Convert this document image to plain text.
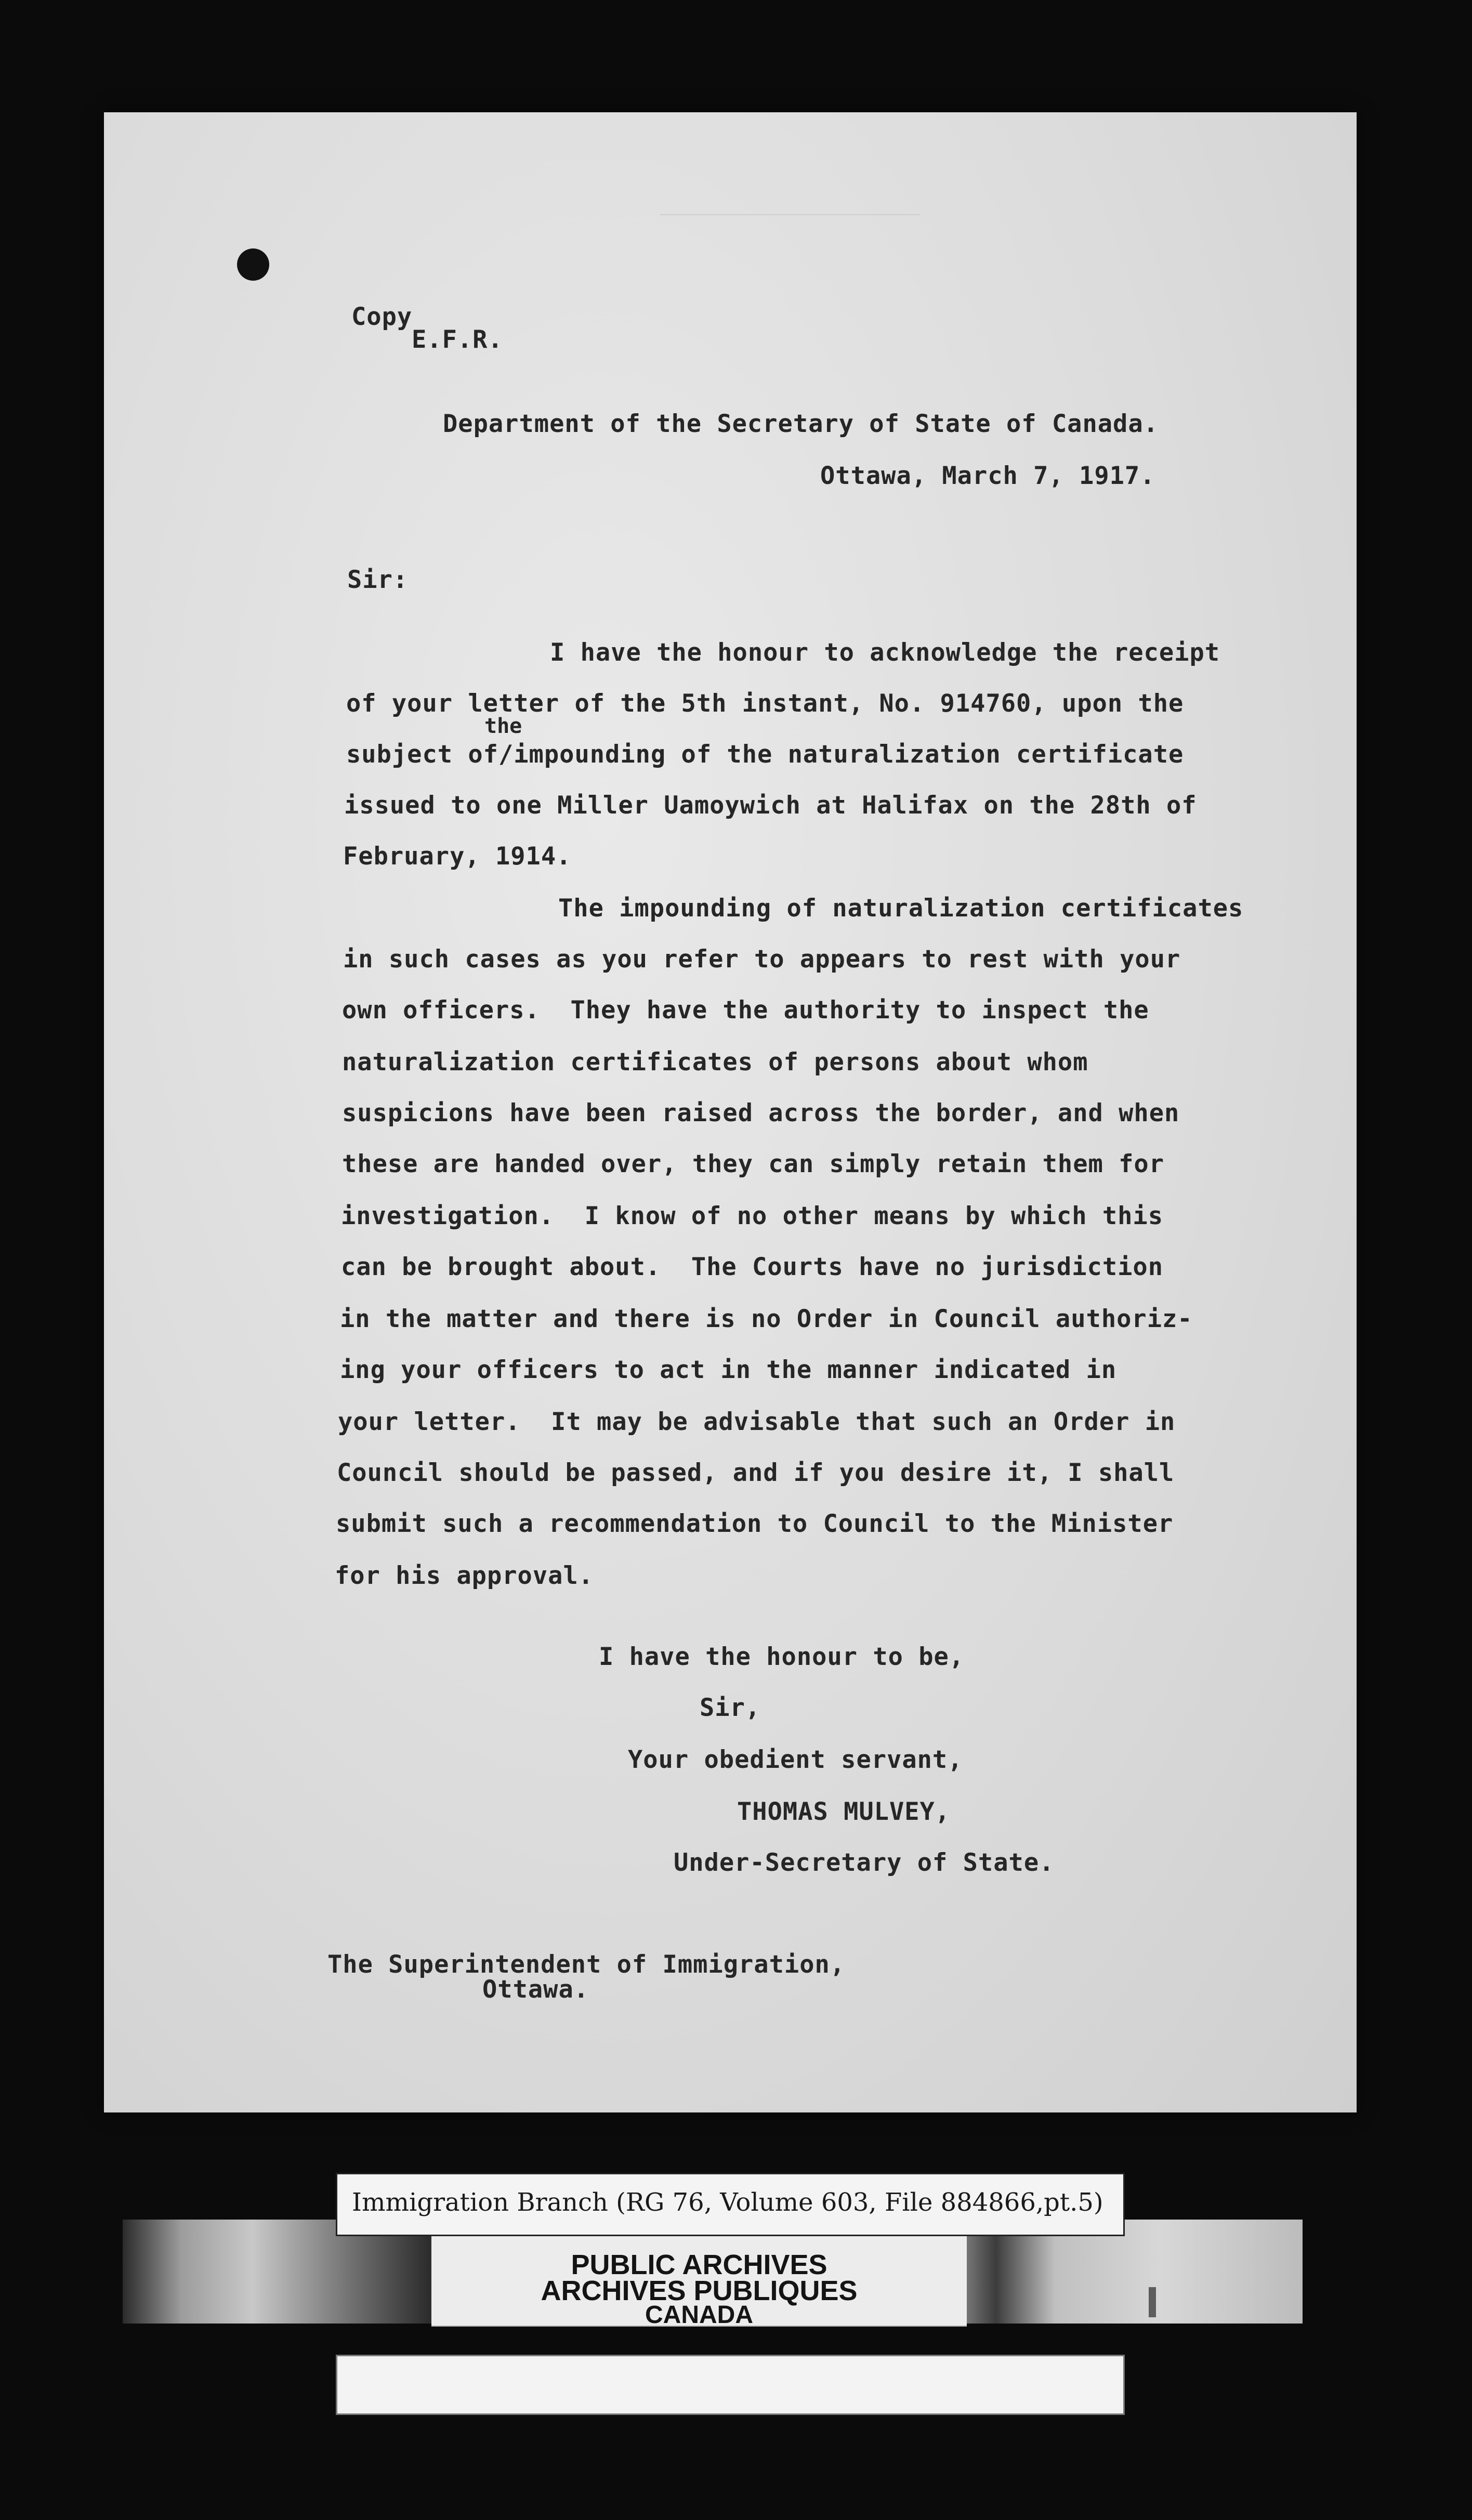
Copy
E.F.R.
Department of the Secretary of State of Canada.
Ottawa, March 7, 1917.
Sir:
I have the honour to acknowledge the receipt
of your letter of the 5th instant, No. 914760, upon the
the
subject of/impounding of the naturalization certificate
issued to one Miller Uamoywich at Halifax on the 28th of
February, 1914.
The impounding of naturalization certificates
in such cases as you refer to appears to rest with your
own officers.  They have the authority to inspect the
naturalization certificates of persons about whom
suspicions have been raised across the border, and when
these are handed over, they can simply retain them for
investigation.  I know of no other means by which this
can be brought about.  The Courts have no jurisdiction
in the matter and there is no Order in Council authoriz-
ing your officers to act in the manner indicated in
your letter.  It may be advisable that such an Order in
Council should be passed, and if you desire it, I shall
submit such a recommendation to Council to the Minister
for his approval.
I have the honour to be,
Sir,
Your obedient servant,
THOMAS MULVEY,
Under-Secretary of State.
The Superintendent of Immigration,
Ottawa.
PUBLIC ARCHIVES
ARCHIVES PUBLIQUES
CANADA
Immigration Branch (RG 76, Volume 603, File 884866,pt.5)
